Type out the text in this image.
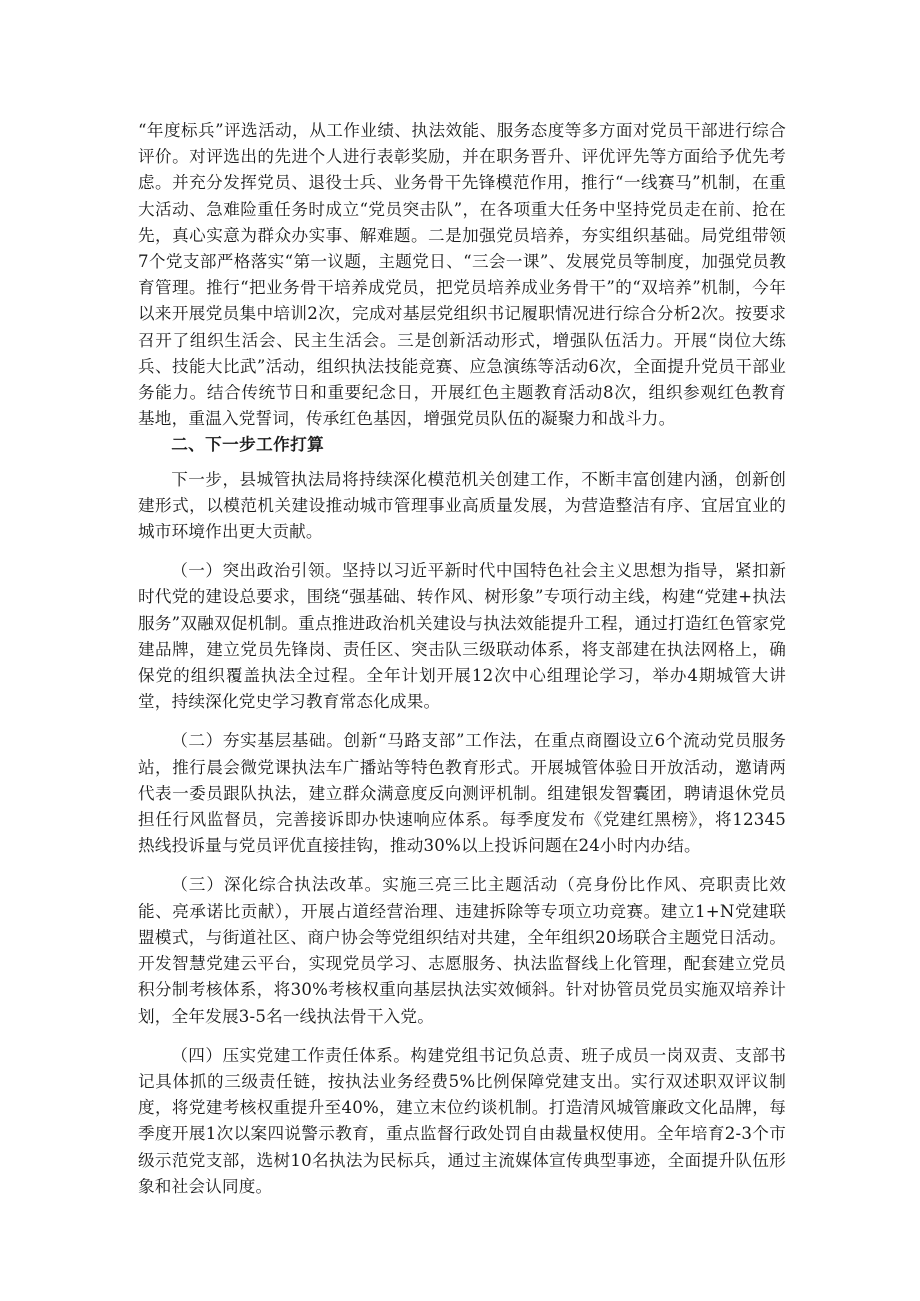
“年度标兵”评选活动，从工作业绩、执法效能、服务态度等多方面对党员干部进行综合评价。对评选出的先进个人进行表彰奖励，并在职务晋升、评优评先等方面给予优先考虑。并充分发挥党员、退役士兵、业务骨干先锋模范作用，推行“一线赛马”机制，在重大活动、急难险重任务时成立“党员突击队”，在各项重大任务中坚持党员走在前、抢在先，真心实意为群众办实事、解难题。二是加强党员培养，夯实组织基础。局党组带领7个党支部严格落实“第一议题，主题党日、“三会一课”、发展党员等制度，加强党员教育管理。推行“把业务骨干培养成党员，把党员培养成业务骨干”的“双培养”机制，今年以来开展党员集中培训2次，完成对基层党组织书记履职情况进行综合分析2次。按要求召开了组织生活会、民主生活会。三是创新活动形式，增强队伍活力。开展“岗位大练兵、技能大比武”活动，组织执法技能竞赛、应急演练等活动6次，全面提升党员干部业务能力。结合传统节日和重要纪念日，开展红色主题教育活动8次，组织参观红色教育基地，重温入党誓词，传承红色基因，增强党员队伍的凝聚力和战斗力。

二、下一步工作打算

下一步，县城管执法局将持续深化模范机关创建工作，不断丰富创建内涵，创新创建形式，以模范机关建设推动城市管理事业高质量发展，为营造整洁有序、宜居宜业的城市环境作出更大贡献。

（一）突出政治引领。坚持以习近平新时代中国特色社会主义思想为指导，紧扣新时代党的建设总要求，围绕“强基础、转作风、树形象”专项行动主线，构建“党建+执法服务”双融双促机制。重点推进政治机关建设与执法效能提升工程，通过打造红色管家党建品牌，建立党员先锋岗、责任区、突击队三级联动体系，将支部建在执法网格上，确保党的组织覆盖执法全过程。全年计划开展12次中心组理论学习，举办4期城管大讲堂，持续深化党史学习教育常态化成果。

（二）夯实基层基础。创新“马路支部”工作法，在重点商圈设立6个流动党员服务站，推行晨会微党课执法车广播站等特色教育形式。开展城管体验日开放活动，邀请两代表一委员跟队执法，建立群众满意度反向测评机制。组建银发智囊团，聘请退休党员担任行风监督员，完善接诉即办快速响应体系。每季度发布《党建红黑榜》，将12345热线投诉量与党员评优直接挂钩，推动30%以上投诉问题在24小时内办结。

（三）深化综合执法改革。实施三亮三比主题活动（亮身份比作风、亮职责比效能、亮承诺比贡献），开展占道经营治理、违建拆除等专项立功竞赛。建立1+N党建联盟模式，与街道社区、商户协会等党组织结对共建，全年组织20场联合主题党日活动。开发智慧党建云平台，实现党员学习、志愿服务、执法监督线上化管理，配套建立党员积分制考核体系，将30%考核权重向基层执法实效倾斜。针对协管员党员实施双培养计划，全年发展3-5名一线执法骨干入党。

（四）压实党建工作责任体系。构建党组书记负总责、班子成员一岗双责、支部书记具体抓的三级责任链，按执法业务经费5%比例保障党建支出。实行双述职双评议制度，将党建考核权重提升至40%，建立末位约谈机制。打造清风城管廉政文化品牌，每季度开展1次以案四说警示教育，重点监督行政处罚自由裁量权使用。全年培育2-3个市级示范党支部，选树10名执法为民标兵，通过主流媒体宣传典型事迹，全面提升队伍形象和社会认同度。
